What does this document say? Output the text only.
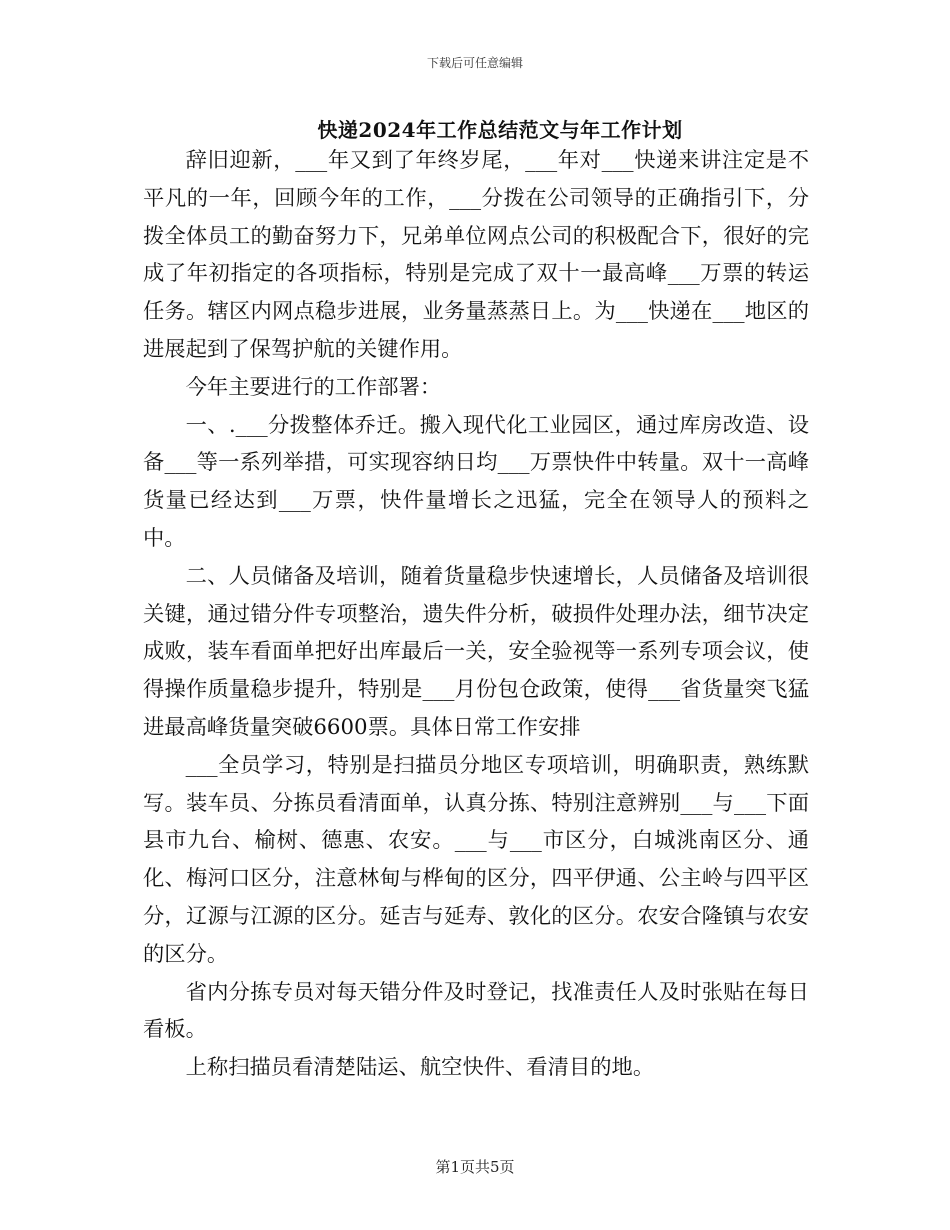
下载后可任意编辑
快递2024年工作总结范文与年工作计划

辞旧迎新，___年又到了年终岁尾，___年对___快递来讲注定是不平凡的一年，回顾今年的工作，___分拨在公司领导的正确指引下，分拨全体员工的勤奋努力下，兄弟单位网点公司的积极配合下，很好的完成了年初指定的各项指标，特别是完成了双十一最高峰___万票的转运任务。辖区内网点稳步进展，业务量蒸蒸日上。为___快递在___地区的进展起到了保驾护航的关键作用。

今年主要进行的工作部署：

一、.___分拨整体乔迁。搬入现代化工业园区，通过库房改造、设备___等一系列举措，可实现容纳日均___万票快件中转量。双十一高峰货量已经达到___万票，快件量增长之迅猛，完全在领导人的预料之中。

二、人员储备及培训，随着货量稳步快速增长，人员储备及培训很关键，通过错分件专项整治，遗失件分析，破损件处理办法，细节决定成败，装车看面单把好出库最后一关，安全验视等一系列专项会议，使得操作质量稳步提升，特别是___月份包仓政策，使得___省货量突飞猛进最高峰货量突破6600票。具体日常工作安排

___全员学习，特别是扫描员分地区专项培训，明确职责，熟练默写。装车员、分拣员看清面单，认真分拣、特别注意辨别___与___下面县市九台、榆树、德惠、农安。___与___市区分，白城洮南区分、通化、梅河口区分，注意林甸与桦甸的区分，四平伊通、公主岭与四平区分，辽源与江源的区分。延吉与延寿、敦化的区分。农安合隆镇与农安的区分。

省内分拣专员对每天错分件及时登记，找准责任人及时张贴在每日看板。

上称扫描员看清楚陆运、航空快件、看清目的地。

第1页共5页
